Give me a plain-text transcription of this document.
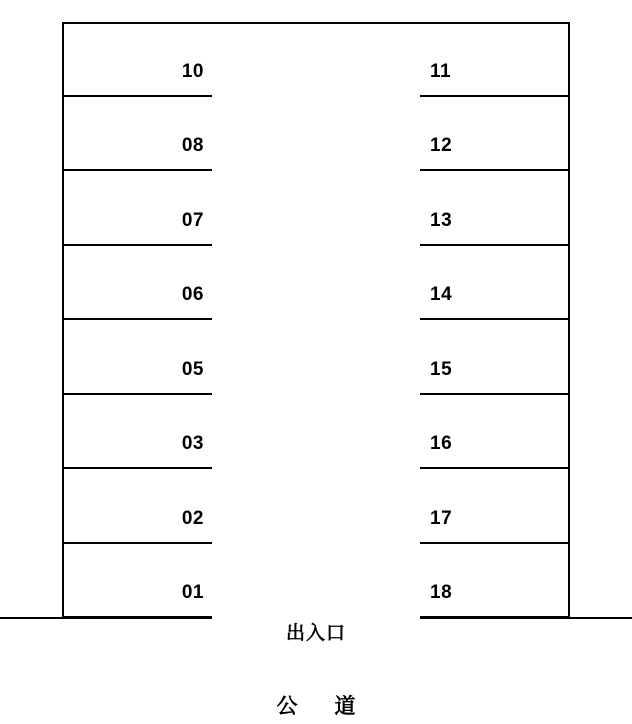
10
08
07
06
05
03
02
01
11
12
13
14
15
16
17
18
出入口
公　道
